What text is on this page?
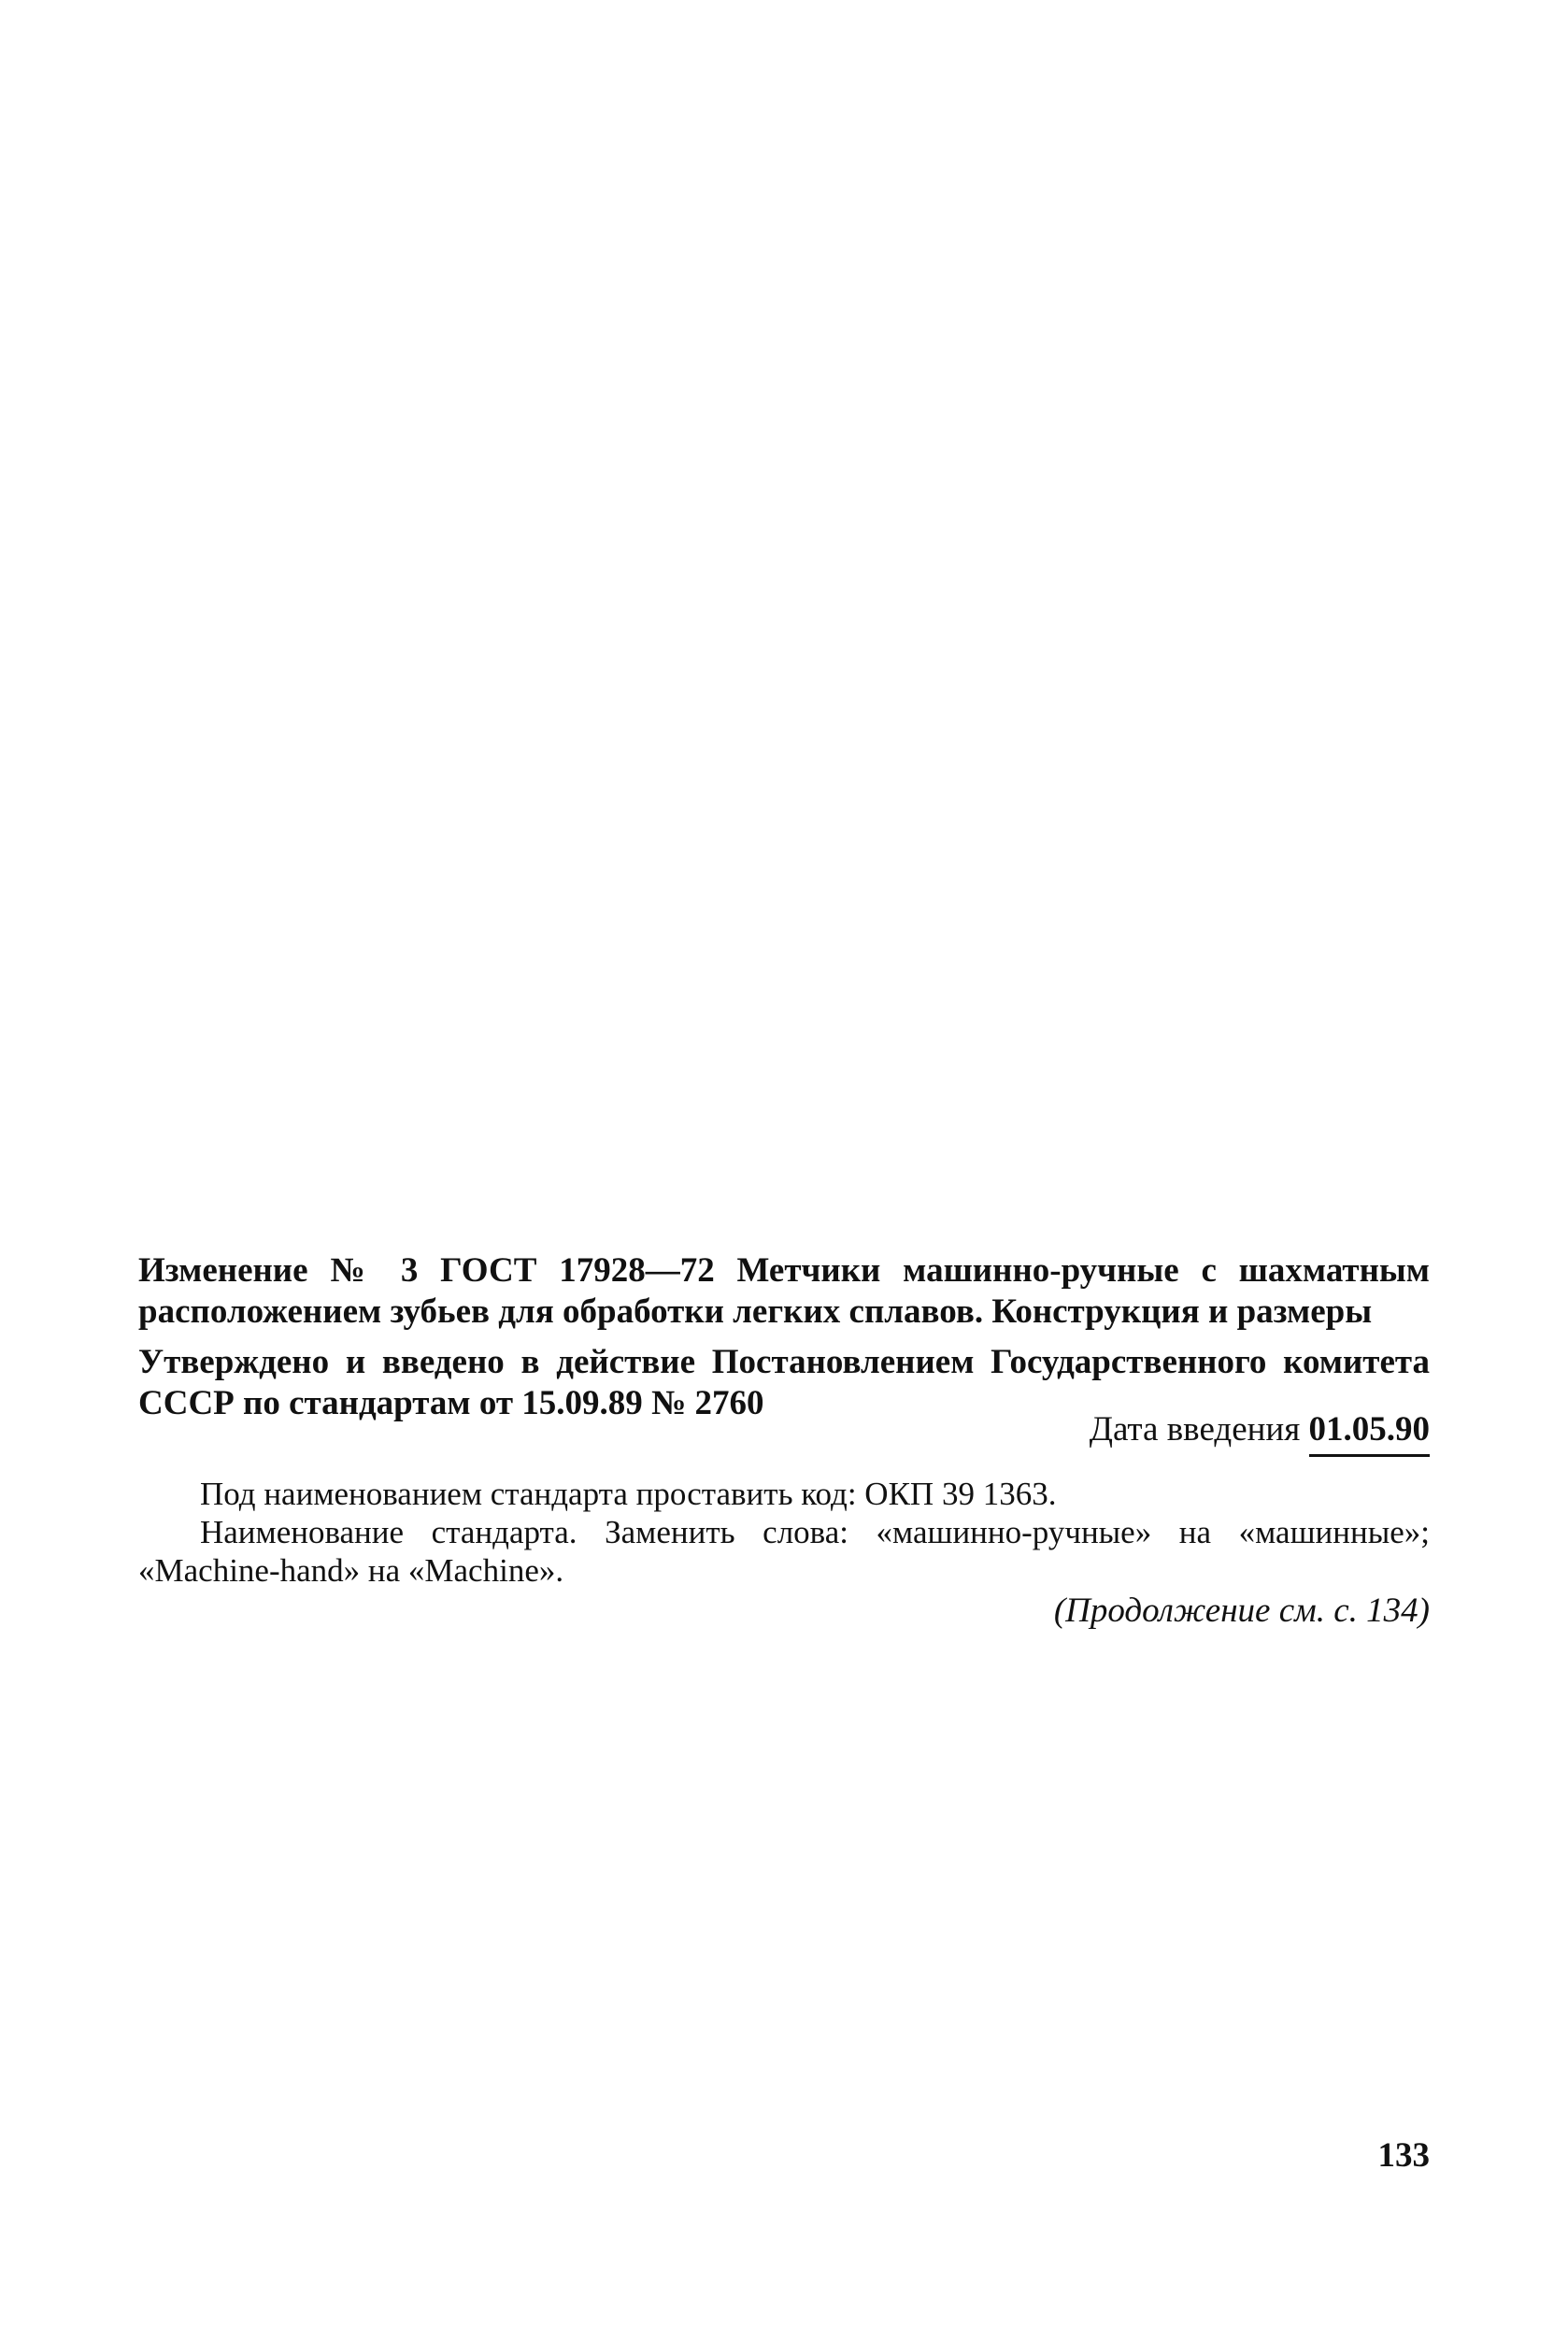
Изменение № 3 ГОСТ 17928—72 Метчики машинно-ручные с шахматным расположением зубьев для обработки легких сплавов. Конструкция и размеры
Утверждено и введено в действие Постановлением Государственного комитета СССР по стандартам от 15.09.89 № 2760
Дата введения 01.05.90

Под наименованием стандарта проставить код: ОКП 39 1363.

Наименование стандарта. Заменить слова: «машинно-ручные» на «машинные»; «Machine-hand» на «Machine».

(Продолжение см. с. 134)
133
